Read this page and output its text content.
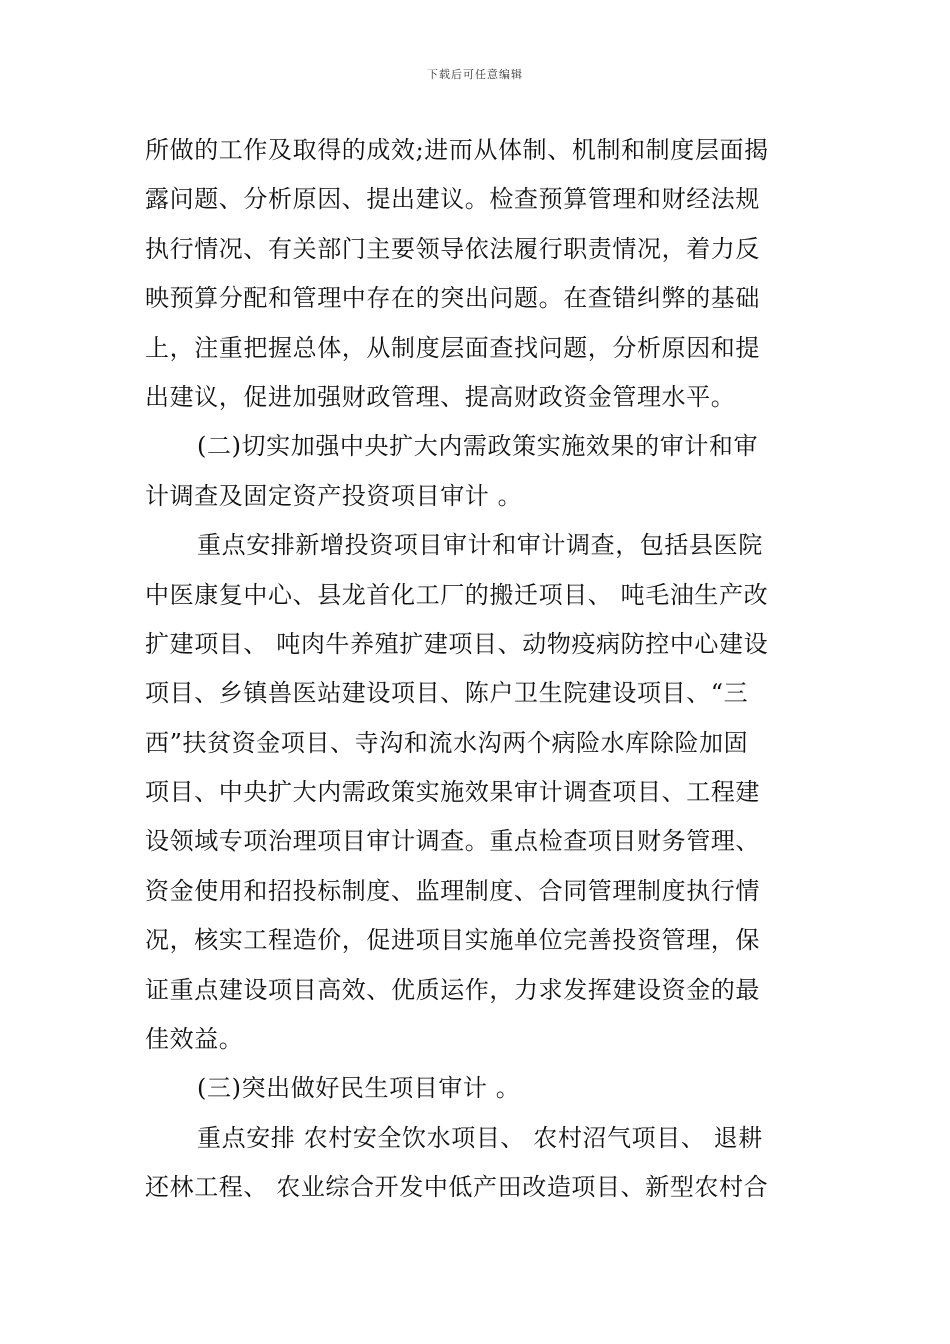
下载后可任意编辑
所做的工作及取得的成效;进而从体制、机制和制度层面揭
露问题、分析原因、提出建议。检查预算管理和财经法规
执行情况、有关部门主要领导依法履行职责情况，着力反
映预算分配和管理中存在的突出问题。在查错纠弊的基础
上，注重把握总体，从制度层面查找问题，分析原因和提
出建议，促进加强财政管理、提高财政资金管理水平。
(二)切实加强中央扩大内需政策实施效果的审计和审
计调查及固定资产投资项目审计 。
重点安排新增投资项目审计和审计调查，包括县医院
中医康复中心、县龙首化工厂的搬迁项目、 吨毛油生产改
扩建项目、 吨肉牛养殖扩建项目、动物疫病防控中心建设
项目、乡镇兽医站建设项目、陈户卫生院建设项目、“三
西”扶贫资金项目、寺沟和流水沟两个病险水库除险加固
项目、中央扩大内需政策实施效果审计调查项目、工程建
设领域专项治理项目审计调查。重点检查项目财务管理、
资金使用和招投标制度、监理制度、合同管理制度执行情
况，核实工程造价，促进项目实施单位完善投资管理，保
证重点建设项目高效、优质运作，力求发挥建设资金的最
佳效益。
(三)突出做好民生项目审计 。
重点安排 农村安全饮水项目、 农村沼气项目、 退耕
还林工程、 农业综合开发中低产田改造项目、新型农村合
